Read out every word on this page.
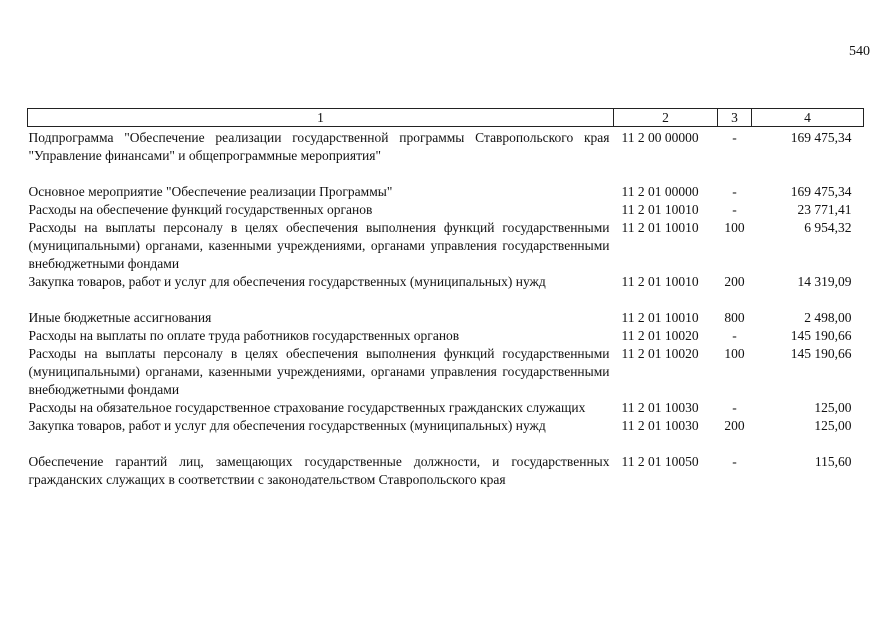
540
1	2	3	4
Подпрограмма "Обеспечение реализации государственной программы Ставропольского края "Управление финансами" и общепрограммные мероприятия"	11 2 00 00000	-	169 475,34
Основное мероприятие "Обеспечение реализации Программы"	11 2 01 00000	-	169 475,34
Расходы на обеспечение функций государственных органов	11 2 01 10010	-	23 771,41
Расходы на выплаты персоналу в целях обеспечения выполнения функций государственными (муниципальными) органами, казенными учреждениями, органами управления государственными внебюджетными фондами	11 2 01 10010	100	6 954,32
Закупка товаров, работ и услуг для обеспечения государственных (муниципальных) нужд	11 2 01 10010	200	14 319,09
Иные бюджетные ассигнования	11 2 01 10010	800	2 498,00
Расходы на выплаты по оплате труда работников государственных органов	11 2 01 10020	-	145 190,66
Расходы на выплаты персоналу в целях обеспечения выполнения функций государственными (муниципальными) органами, казенными учреждениями, органами управления государственными внебюджетными фондами	11 2 01 10020	100	145 190,66
Расходы на обязательное государственное страхование государственных гражданских служащих	11 2 01 10030	-	125,00
Закупка товаров, работ и услуг для обеспечения государственных (муниципальных) нужд	11 2 01 10030	200	125,00
Обеспечение гарантий лиц, замещающих государственные должности, и государственных гражданских служащих в соответствии с законодательством Ставропольского края	11 2 01 10050	-	115,60
